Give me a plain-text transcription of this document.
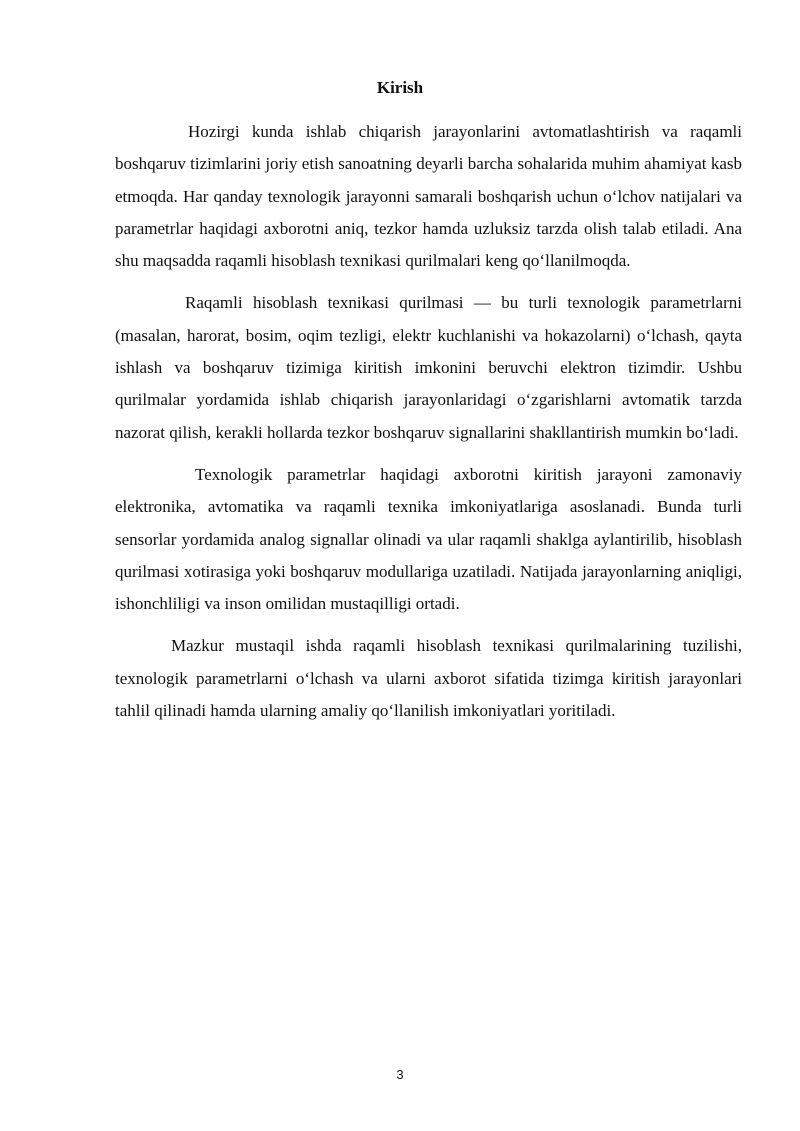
Kirish

Hozirgi kunda ishlab chiqarish jarayonlarini avtomatlashtirish va raqamli boshqaruv tizimlarini joriy etish sanoatning deyarli barcha sohalarida muhim ahamiyat kasb etmoqda. Har qanday texnologik jarayonni samarali boshqarish uchun o‘lchov natijalari va parametrlar haqidagi axborotni aniq, tezkor hamda uzluksiz tarzda olish talab etiladi. Ana shu maqsadda raqamli hisoblash texnikasi qurilmalari keng qo‘llanilmoqda.

Raqamli hisoblash texnikasi qurilmasi — bu turli texnologik parametrlarni (masalan, harorat, bosim, oqim tezligi, elektr kuchlanishi va hokazolarni) o‘lchash, qayta ishlash va boshqaruv tizimiga kiritish imkonini beruvchi elektron tizimdir. Ushbu qurilmalar yordamida ishlab chiqarish jarayonlaridagi o‘zgarishlarni avtomatik tarzda nazorat qilish, kerakli hollarda tezkor boshqaruv signallarini shakllantirish mumkin bo‘ladi.

Texnologik parametrlar haqidagi axborotni kiritish jarayoni zamonaviy elektronika, avtomatika va raqamli texnika imkoniyatlariga asoslanadi. Bunda turli sensorlar yordamida analog signallar olinadi va ular raqamli shaklga aylantirilib, hisoblash qurilmasi xotirasiga yoki boshqaruv modullariga uzatiladi. Natijada jarayonlarning aniqligi, ishonchliligi va inson omilidan mustaqilligi ortadi.

Mazkur mustaqil ishda raqamli hisoblash texnikasi qurilmalarining tuzilishi, texnologik parametrlarni o‘lchash va ularni axborot sifatida tizimga kiritish jarayonlari tahlil qilinadi hamda ularning amaliy qo‘llanilish imkoniyatlari yoritiladi.

3
